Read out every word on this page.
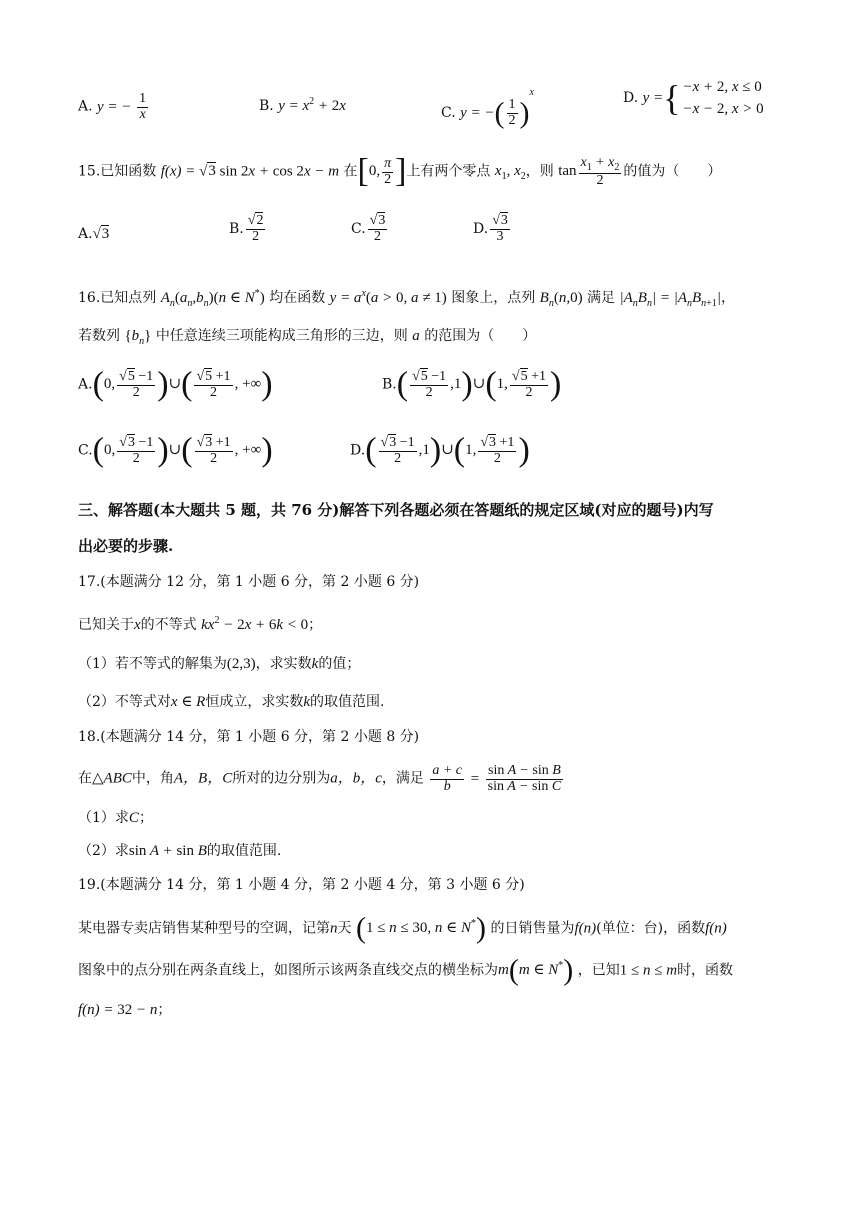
A. y = − $\frac{1}{x}$	B. $y = x^2 + 2x$	C. y = −( $\frac{1}{2} )^x$	D. y = { −x + 2, x ≤ 0
−x − 2, x > 0
15.已知函数 f(x) = √3 sin 2x + cos 2x − m 在[0, $\frac{\pi}{2}$ ]上有两个零点 $x_1$, $x_2$，则 $\tan \frac{x_1 + x_2}{2}$ 的值为（　　）
A.√3	B. $\frac{√2}{2}$	C. $\frac{√3}{2}$	D. $\frac{√3}{3}$
16.已知点列 $A_n(a_n,b_n)(n$ ∈ N*) 均在函数 $y = a^x(a > 0$, a ≠ 1) 图象上，点列 $B_n(n,0)$ 满足 $|A_nB_n| = |A_nB_{n+1}|$，
若数列 $\{b_n\}$ 中任意连续三项能构成三角形的三边，则 a 的范围为（　　）
A.(0, $\frac{√5 -1}{2}$ )∪( $\frac{√5 +1}{2}$ , +∞)	$B.( \frac{√5 -1}{2}$ ,1)∪(1, $\frac{√5 +1}{2}$ )
C.(0, $\frac{√3 -1}{2}$ )∪( $\frac{√3 +1}{2}$ , +∞)	$D.( \frac{√3 -1}{2}$ ,1)∪(1, $\frac{√3 +1}{2}$ )
三、解答题(本大题共 5 题，共 76 分)解答下列各题必须在答题纸的规定区域(对应的题号)内写
出必要的步骤.
17.(本题满分 12 分，第 1 小题 6 分，第 2 小题 6 分)
已知关于x的不等式 $kx^2 - 2x + 6k < 0$；
（1）若不等式的解集为(2,3)，求实数k的值；
（2）不等式对x ∈ R恒成立，求实数k的取值范围.
18.(本题满分 14 分，第 1 小题 6 分，第 2 小题 8 分)
在△ABC中，角A，B，C所对的边分别为a，b，c，满足 $\frac{a + c}{b} = \frac{\text{sin A − sin B}}{\text{sin A − sin C}}$
（1）求C；
（2）求sin A + sin B的取值范围.
19.(本题满分 14 分，第 1 小题 4 分，第 2 小题 4 分，第 3 小题 6 分)
某电器专卖店销售某种型号的空调，记第n天 (1 ≤ n ≤ 30, n ∈ N*) 的日销售量为f(n)(单位：台)，函数f(n)
图象中的点分别在两条直线上，如图所示该两条直线交点的横坐标为m(m ∈ N*) ，已知1 ≤ n ≤ m时，函数
f(n) = 32 − n；
